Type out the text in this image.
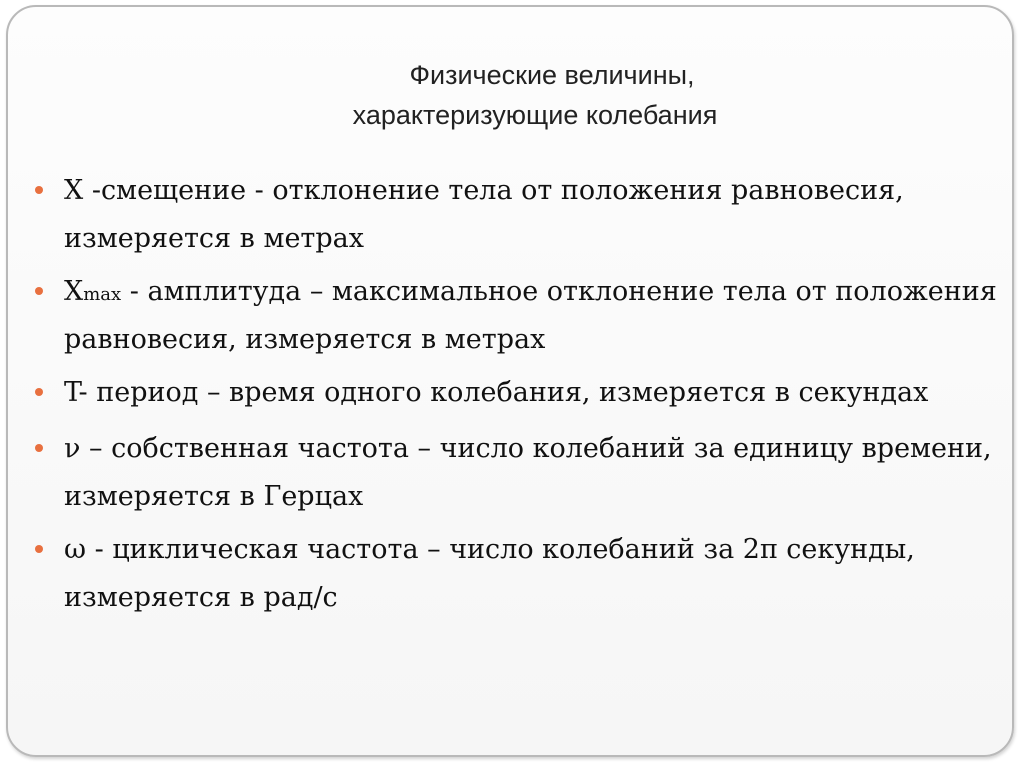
Физические величины,
характеризующие колебания
X -смещение - отклонение тела от положения равновесия, измеряется в метрах
Xmax - амплитуда – максимальное отклонение тела от положения равновесия, измеряется в метрах
T- период – время одного колебания, измеряется в секундах
ν – собственная частота – число колебаний за единицу времени, измеряется в Герцах
ω - циклическая частота – число колебаний за 2π секунды, измеряется в рад/с
